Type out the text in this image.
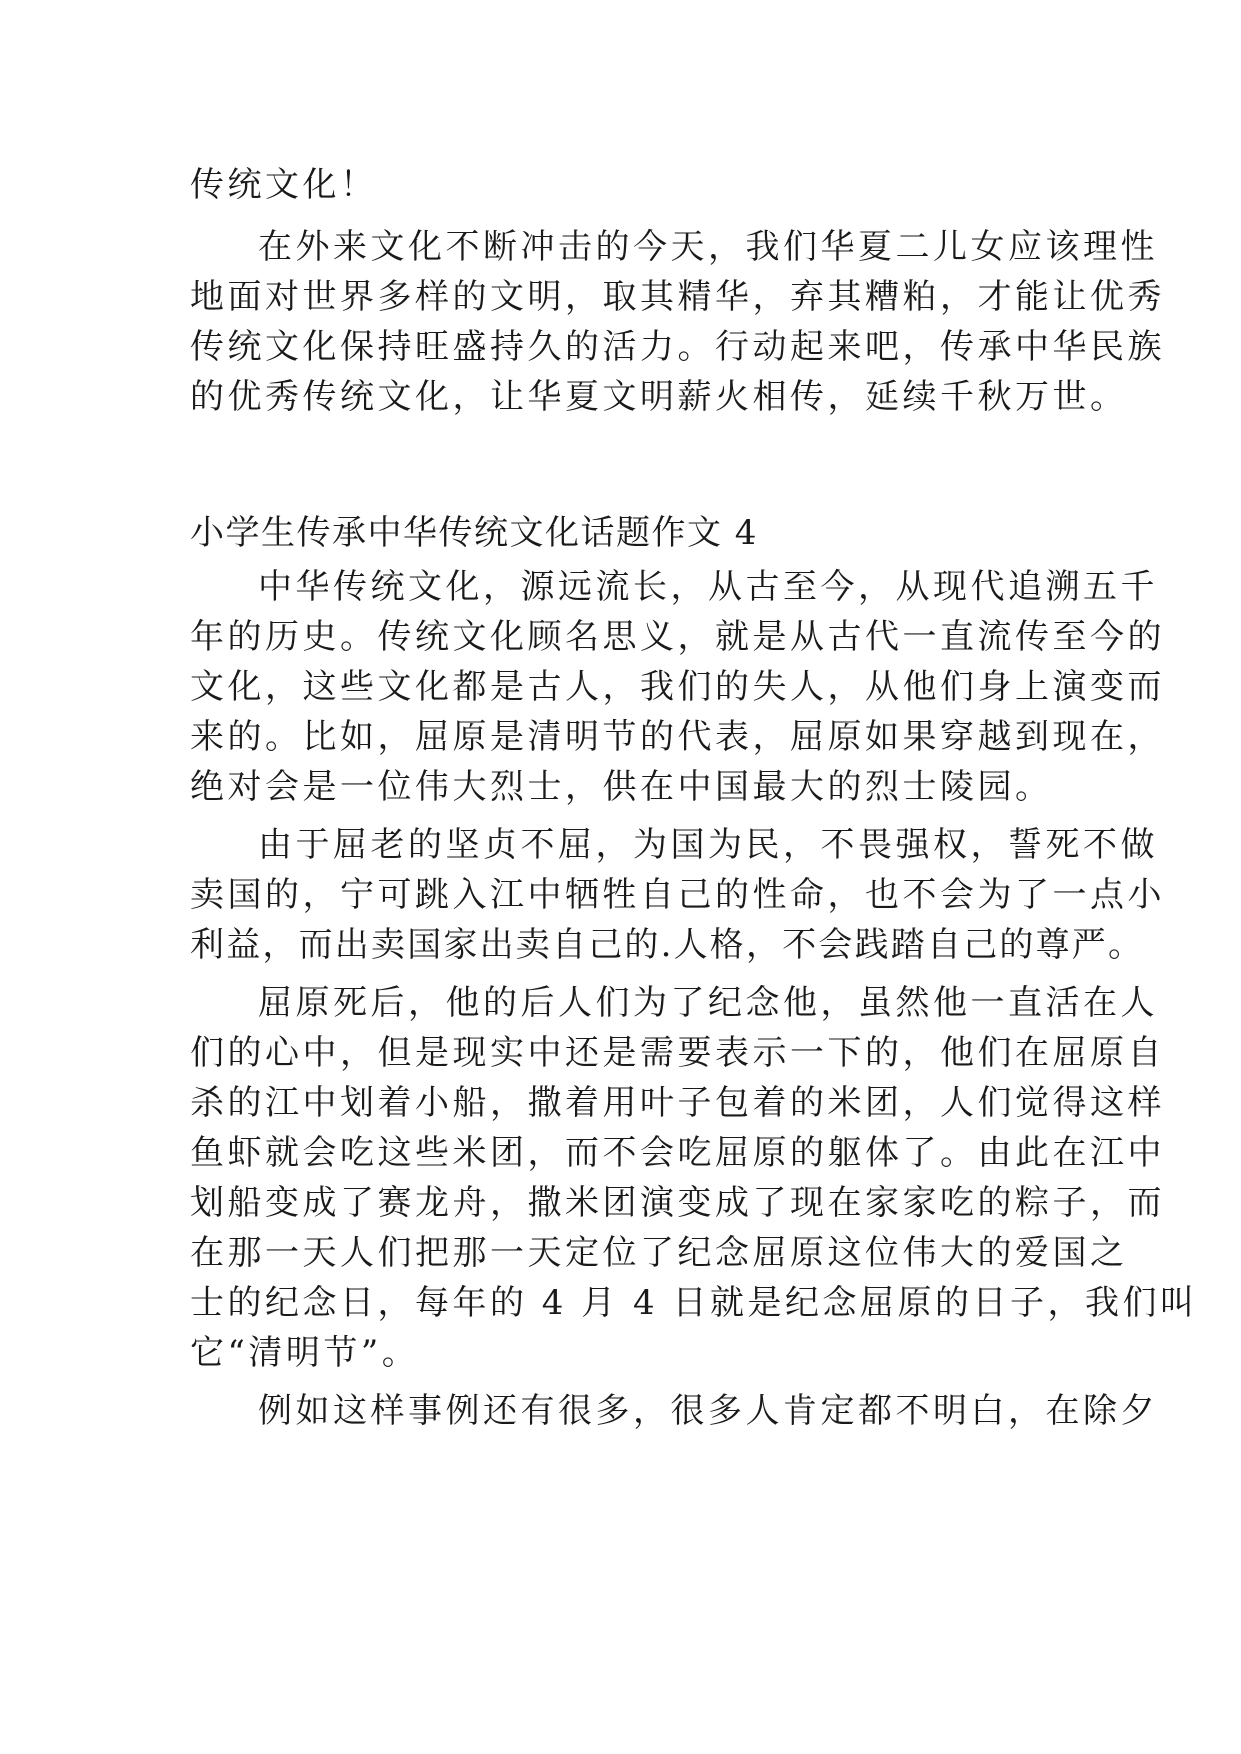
传统文化！
在外来文化不断冲击的今天，我们华夏二儿女应该理性
地面对世界多样的文明，取其精华，弃其糟粕，才能让优秀
传统文化保持旺盛持久的活力。行动起来吧，传承中华民族
的优秀传统文化，让华夏文明薪火相传，延续千秋万世。
小学生传承中华传统文化话题作文 4
中华传统文化，源远流长，从古至今，从现代追溯五千
年的历史。传统文化顾名思义，就是从古代一直流传至今的
文化，这些文化都是古人，我们的失人，从他们身上演变而
来的。比如，屈原是清明节的代表，屈原如果穿越到现在，
绝对会是一位伟大烈士，供在中国最大的烈士陵园。
由于屈老的坚贞不屈，为国为民，不畏强权，誓死不做
卖国的，宁可跳入江中牺牲自己的性命，也不会为了一点小
利益，而出卖国家出卖自己的.人格，不会践踏自己的尊严。
屈原死后，他的后人们为了纪念他，虽然他一直活在人
们的心中，但是现实中还是需要表示一下的，他们在屈原自
杀的江中划着小船，撒着用叶子包着的米团，人们觉得这样
鱼虾就会吃这些米团，而不会吃屈原的躯体了。由此在江中
划船变成了赛龙舟，撒米团演变成了现在家家吃的粽子，而
在那一天人们把那一天定位了纪念屈原这位伟大的爱国之
士的纪念日，每年的 4 月 4 日就是纪念屈原的日子，我们叫
它“清明节”。
例如这样事例还有很多，很多人肯定都不明白，在除夕
